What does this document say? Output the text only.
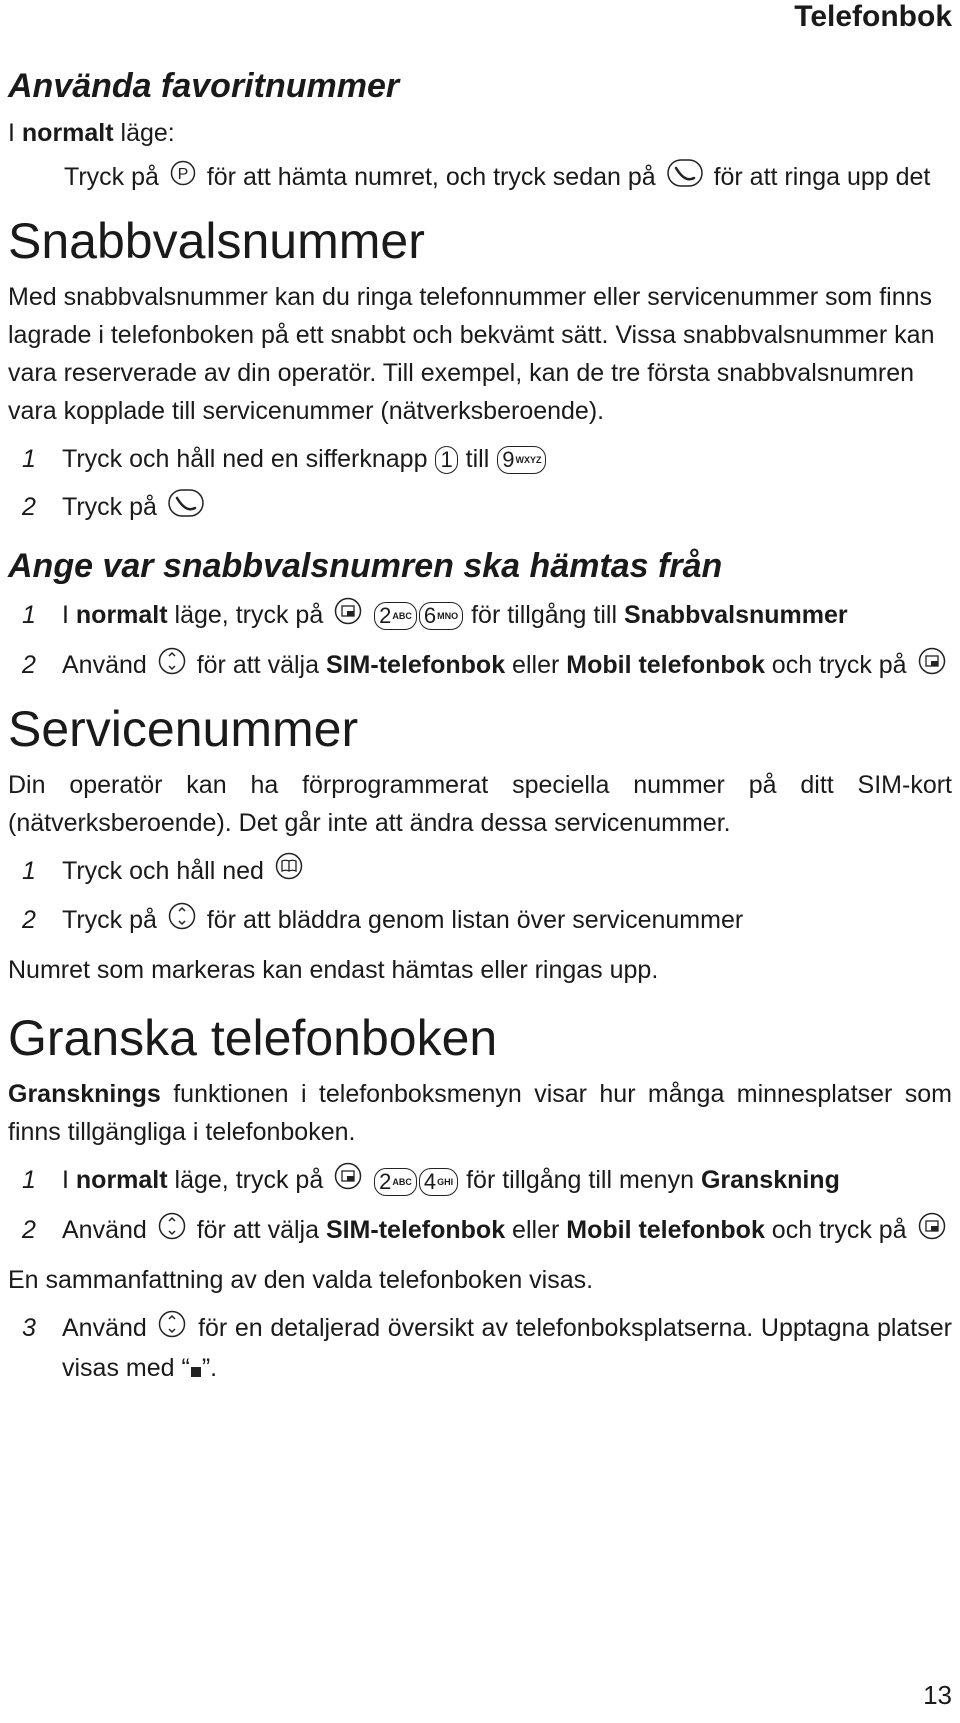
Telefonbok
Använda favoritnummer

I normalt läge:

Tryck på P för att hämta numret, och tryck sedan på för att ringa upp det

Snabbvalsnummer

Med snabbvalsnummer kan du ringa telefonnummer eller servicenummer som finns lagrade i telefonboken på ett snabbt och bekvämt sätt. Vissa snabbvalsnummer kan vara reserverade av din operatör. Till exempel, kan de tre första snabbvalsnumren vara kopplade till servicenummer (nätverksberoende).

1 Tryck och håll ned en sifferknapp 1 till 9 WXYZ
2 Tryck på
Ange var snabbvalsnumren ska hämtas från
1 I normalt läge, tryck på	2 ABC 6 MNO för tillgång till Snabbvalsnummer
2 Använd för att välja SIM-telefonbok eller Mobil telefonbok och tryck på
Servicenummer

Din operatör kan ha förprogrammerat speciella nummer på ditt SIM-kort (nätverksberoende). Det går inte att ändra dessa servicenummer.

1 Tryck och håll ned
2 Tryck på för att bläddra genom listan över servicenummer

Numret som markeras kan endast hämtas eller ringas upp.

Granska telefonboken

Gransknings funktionen i telefonboksmenyn visar hur många minnesplatser som finns tillgängliga i telefonboken.

1 I normalt läge, tryck på	2 ABC 4 GHI för tillgång till menyn Granskning
2 Använd för att välja SIM-telefonbok eller Mobil telefonbok och tryck på

En sammanfattning av den valda telefonboken visas.

3 Använd för en detaljerad översikt av telefonboksplatserna. Upptagna platser visas med “ ”.
13
